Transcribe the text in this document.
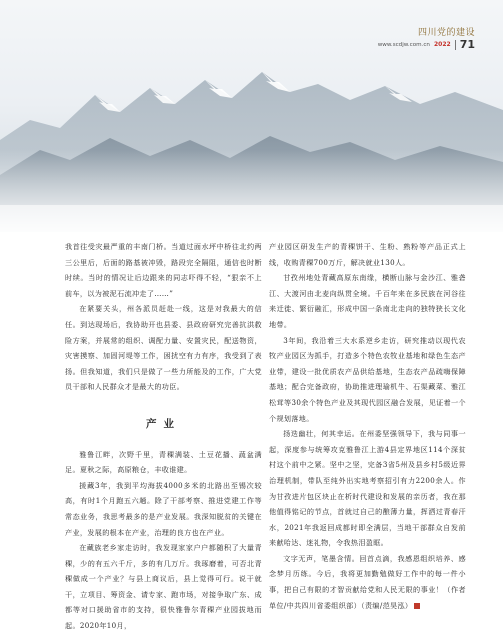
四川党的建设
www.scdjw.com.cn 2022 71

我首往受灾最严重的丰南门桥。当道过面水坪中桥往北约两三公里后，后面的路基被冲毁，路段完全隔阻，通信也时断时续。当时的情况让后边跟来的同志吓得不轻，“狠亲不上前车，以为被泥石流冲走了……”

在紧要关头，州各派员赶赴一线，这是对我最大的信任。到达现场后，我协助开也县委、县政府研究完善抗洪救险方案，并展常的组织、调配力量、安置灾民，配送物资，灾害摸察、加固河堤等工作，困扰空有力有序，我受到了表扬。但我知道，我们只是做了一些力所能及的工作，广大党员干部和人民群众才是最大的功臣。

产业

雅鲁江畔，次野千里，青稞满装、土豆花播、蔬盆满足。夏秋之际，高原粮仓，丰收谁建。

援藏3年，我到平均海拔4000多米的北路出至锡次较高，有时1个月跑五六趟。除了干部考察、推进党建工作等常态业务，我思考最多的是产业发展。我深知脱贫的关键在产业，发展的根本在产业，治理的良方也在产业。

在藏族老乡家走访时，我发现家家户户都随积了大量青稞，少的有五六千斤，多的有几万斤。我琢磨着，可否北青稞做成一个产业？与县上商议后，县上觉得可行。说干就干，立项目、筹资金、请专家、跑市场，对接争取广东、成都等对口援助省市的支持，很快雅鲁尔青稞产业园拔地而起。2020年10月，

产业园区研发生产的青稞饼干、生粉、熟粉等产品正式上线，收购青稞700万斤，解决就业130人。

甘孜州地处青藏高原东南缘，横断山脉与金沙江、雅砻江、大渡河由北麦向纵贯全境。千百年来在多民族在河谷往来迁徙、繁衍融汇，形成中国一条南北走向的独特狭长文化地带。

3年间，我沿着三大水系逆乡走访，研究推动以现代农牧产业园区为抓手，打造多个特色农牧业基地和绿色生态产业带，建设一批优质农产品供给基地，生态农产品疏嗨保障基地；配合完备政府，协助推进理瑜机牛、石渠藏菜、雅江松茸等30余个特色产业及其现代园区融合发展，见证着一个个规划落地。

扬迭幽壮，何其幸运。在州委坚强领导下，我与同事一起，深度参与统筹攻克雅鲁江上游4县定界地区114个深贫村这个前中之紧。坚中之坚，完备3省5州及县乡村5级近界治理机制，带队至纯外出实地考察招引有力2200余人。作为甘孜进片包区块止在析时代建设和发展的亲历者，我在那他值得铭记的节点，首就过自己的酿薄力量，挥洒过青春汗水，2021年我返回成都时即全满层，当地干部群众自发前来献哈达、迷礼物，令我热泪盈眶。

文字无声，笔墨含情。回首点滴，我感恩组织培养、感念梦月历练。今后，我将更加勤勉做好工作中的每一件小事，把自己有限的才智贡献给党和人民无限的事业！（作者单位/中共四川省委组织部）（责编/范昊泓）
